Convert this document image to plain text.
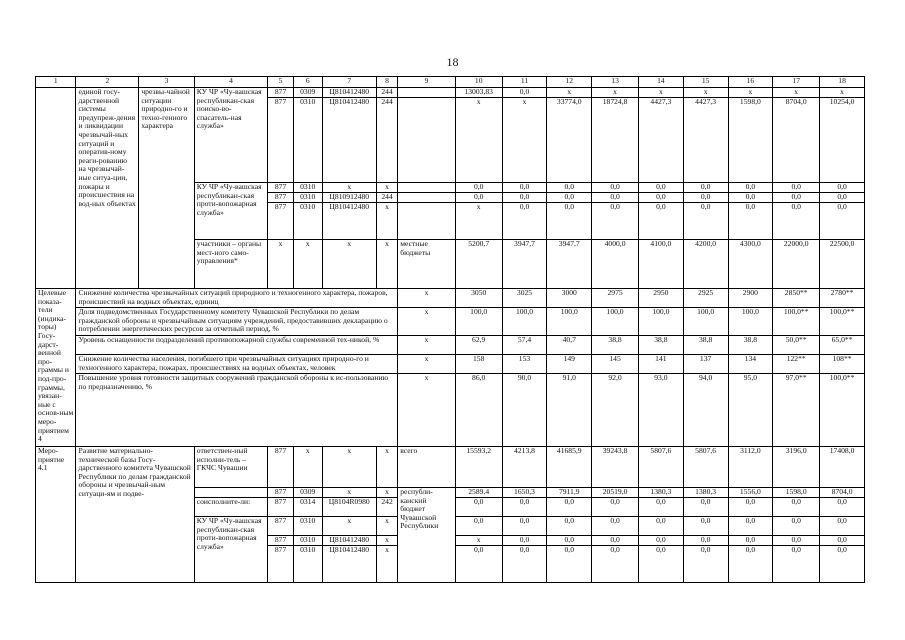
18
1	2	3	4	5	6	7	8	9	10	11	12	13	14	15	16	17	18
	единой госу-дарственной системы предупреж-дения и ликвидации чрезвычай-ных ситуаций и оператив-ному реаги-рованию на чрезвычай-ные ситуа-ции, пожары и происшествия на вод-ных объектах	чрезвы-чайной ситуации природно-го и техно-генного характера	КУ ЧР «Чу-вашская республикан-ская поиско-во-спасатель-ная служба»	877	0309	Ц810412480	244		13003,83	0,0	x	x	x	x	x	x	x
				877	0310	Ц810412480	244		x	x	33774,0	18724,8	4427,3	4427,3	1598,0	8704,0	10254,0
			КУ ЧР «Чу-вашская республикан-ская проти-вопожарная служба»	877	0310	x	x		0,0	0,0	0,0	0,0	0,0	0,0	0,0	0,0	0,0
				877	0310	Ц810912480	244		0,0	0,0	0,0	0,0	0,0	0,0	0,0	0,0	0,0
				877	0310	Ц810412480	x		x	0,0	0,0	0,0	0,0	0,0	0,0	0,0	0,0
			участники – органы мест-ного само-управления*	x	x	x	x	местные бюджеты	5200,7	3947,7	3947,7	4000,0	4100,0	4200,0	4300,0	22000,0	22500,0
Целевые показа-тели (индика-торы) Госу-дарст-венной про-граммы и под-про-граммы, увязан-ные с основ-ным меро-приятием 4	Снижение количества чрезвычайных ситуаций природного и техногенного характера, пожаров, происшествий на водных объектах, единиц							x	3050	3025	3000	2975	2950	2925	2900	2850**	2780**
	Доля подведомственных Государственному комитету Чувашской Республики по делам гражданской обороны и чрезвычайным ситуациям учреждений, предоставивших декларацию о потреблении энергетических ресурсов за отчетный период, %							x	100,0	100,0	100,0	100,0	100,0	100,0	100,0	100,0**	100,0**
	Уровень оснащенности подразделений противопожарной службы современной тех-никой, %							x	62,9	57,4	40,7	38,8	38,8	38,8	38,8	50,0**	65,0**
	Снижение количества населения, погибшего при чрезвычайных ситуациях природно-го и техногенного характера, пожарах, происшествиях на водных объектах, человек							x	158	153	149	145	141	137	134	122**	108**
	Повышение уровня готовности защитных сооружений гражданской обороны к ис-пользованию по предназначению, %							x	86,0	90,0	91,0	92,0	93,0	94,0	95,0	97,0**	100,0**
Меро-приятие 4.1	Развитие материально-технической базы Госу-дарственного комитета Чувашской Республики по делам гражданской обороны и чрезвычай-ным ситуаци-ям и подве-		ответствен-ный исполни-тель – ГКЧС Чувашии	877	x	x	x	всего	15593,2	4213,8	41685,9	39243,8	5807,6	5807,6	3112,0	3196,0	17408,0
				877	0309	x	x	республи-канский бюджет Чувашской Республики	2589,4	1650,3	7911,9	20519,0	1380,3	1380,3	1556,0	1598,0	8704,0
			соисполните-ли:	877	0314	Ц8104R0980	242		0,0	0,0	0,0	0,0	0,0	0,0	0,0	0,0	0,0
			КУ ЧР «Чу-вашская республикан-ская проти-вопожарная служба»	877	0310	x	x		0,0	0,0	0,0	0,0	0,0	0,0	0,0	0,0	0,0
				877	0310	Ц810412480	x		x	0,0	0,0	0,0	0,0	0,0	0,0	0,0	0,0
				877	0310	Ц810412480	x		0,0	0,0	0,0	0,0	0,0	0,0	0,0	0,0	0,0
